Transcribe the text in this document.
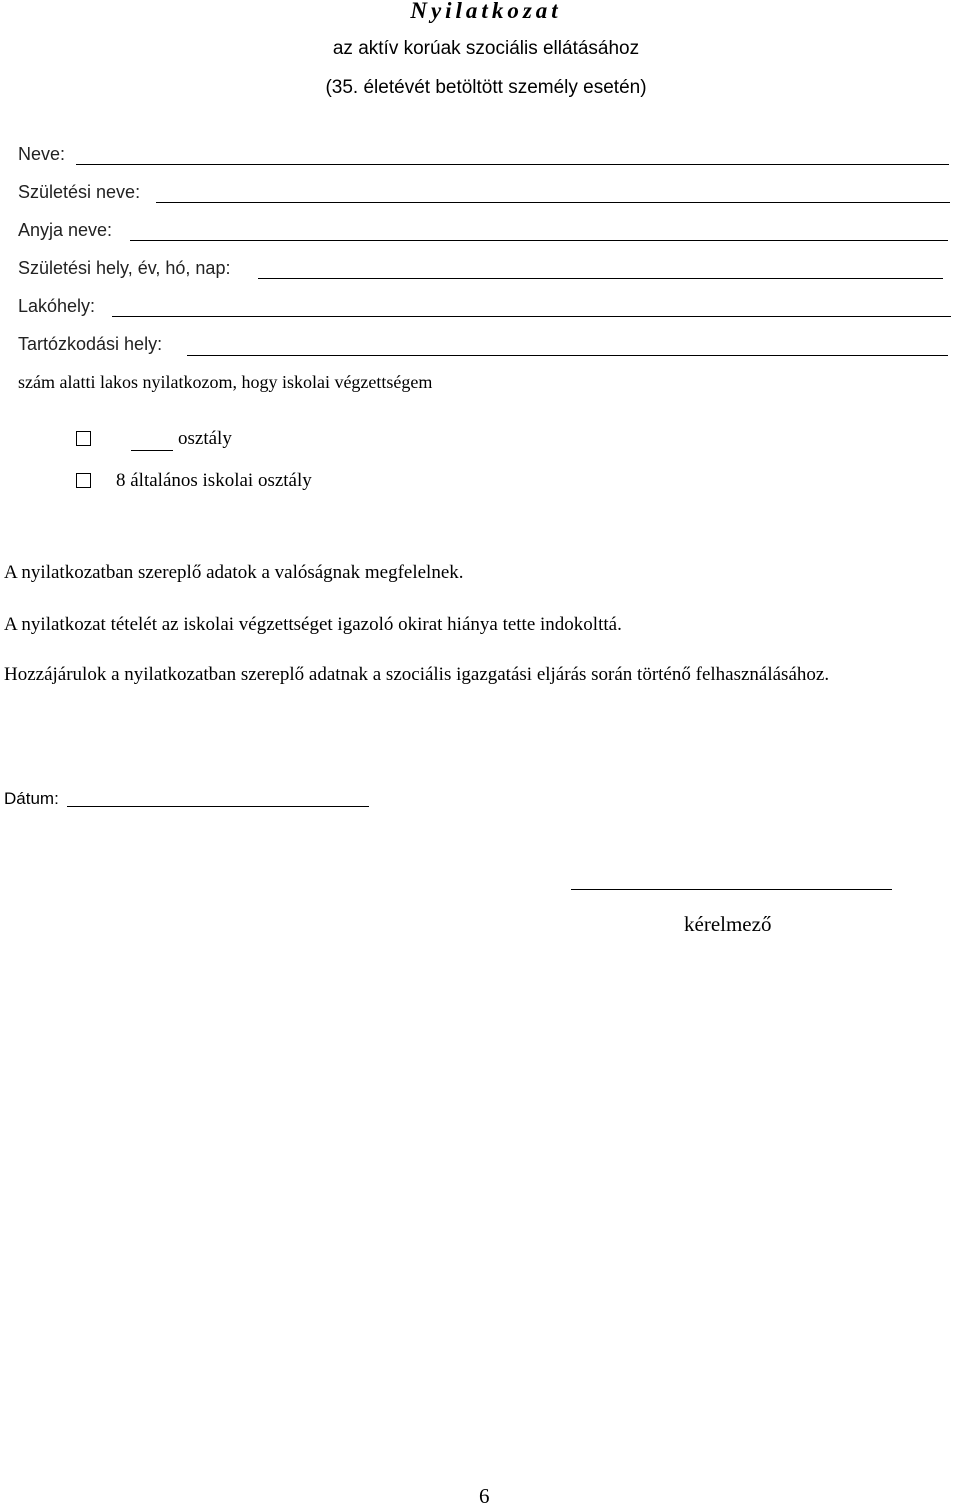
Nyilatkozat
az aktív korúak szociális ellátásához
(35. életévét betöltött személy esetén)
Neve:
Születési neve:
Anyja neve:
Születési hely, év, hó, nap:
Lakóhely:
Tartózkodási hely:
szám alatti lakos nyilatkozom, hogy iskolai végzettségem
osztály
8 általános iskolai osztály
A nyilatkozatban szereplő adatok a valóságnak megfelelnek.
A nyilatkozat tételét az iskolai végzettséget igazoló okirat hiánya tette indokolttá.
Hozzájárulok a nyilatkozatban szereplő adatnak a szociális igazgatási eljárás során történő felhasználásához.
Dátum:
kérelmező
6
